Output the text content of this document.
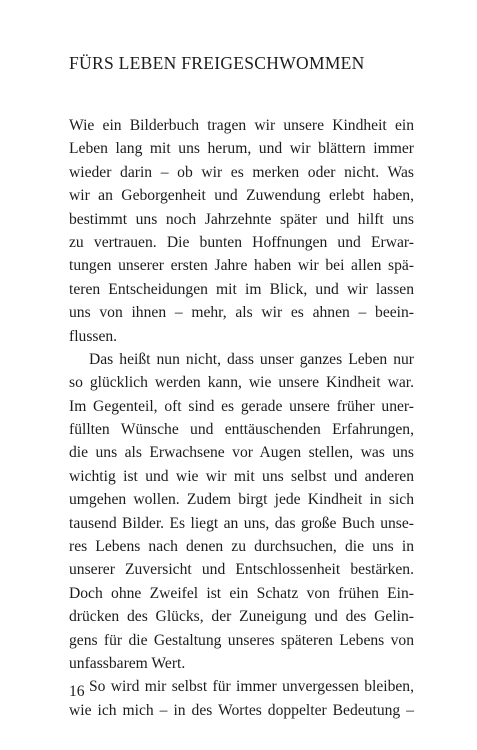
FÜRS LEBEN FREIGESCHWOMMEN
Wie ein Bilderbuch tragen wir unsere Kindheit ein
Leben lang mit uns herum, und wir blättern immer
wieder darin – ob wir es merken oder nicht. Was
wir an Geborgenheit und Zuwendung erlebt haben,
bestimmt uns noch Jahrzehnte später und hilft uns
zu vertrauen. Die bunten Hoffnungen und Erwar-
tungen unserer ersten Jahre haben wir bei allen spä-
teren Entscheidungen mit im Blick, und wir lassen
uns von ihnen – mehr, als wir es ahnen – beein-
flussen.
Das heißt nun nicht, dass unser ganzes Leben nur
so glücklich werden kann, wie unsere Kindheit war.
Im Gegenteil, oft sind es gerade unsere früher uner-
füllten Wünsche und enttäuschenden Erfahrungen,
die uns als Erwachsene vor Augen stellen, was uns
wichtig ist und wie wir mit uns selbst und anderen
umgehen wollen. Zudem birgt jede Kindheit in sich
tausend Bilder. Es liegt an uns, das große Buch unse-
res Lebens nach denen zu durchsuchen, die uns in
unserer Zuversicht und Entschlossenheit bestärken.
Doch ohne Zweifel ist ein Schatz von frühen Ein-
drücken des Glücks, der Zuneigung und des Gelin-
gens für die Gestaltung unseres späteren Lebens von
unfassbarem Wert.
So wird mir selbst für immer unvergessen bleiben,
wie ich mich – in des Wortes doppelter Bedeutung –
16
